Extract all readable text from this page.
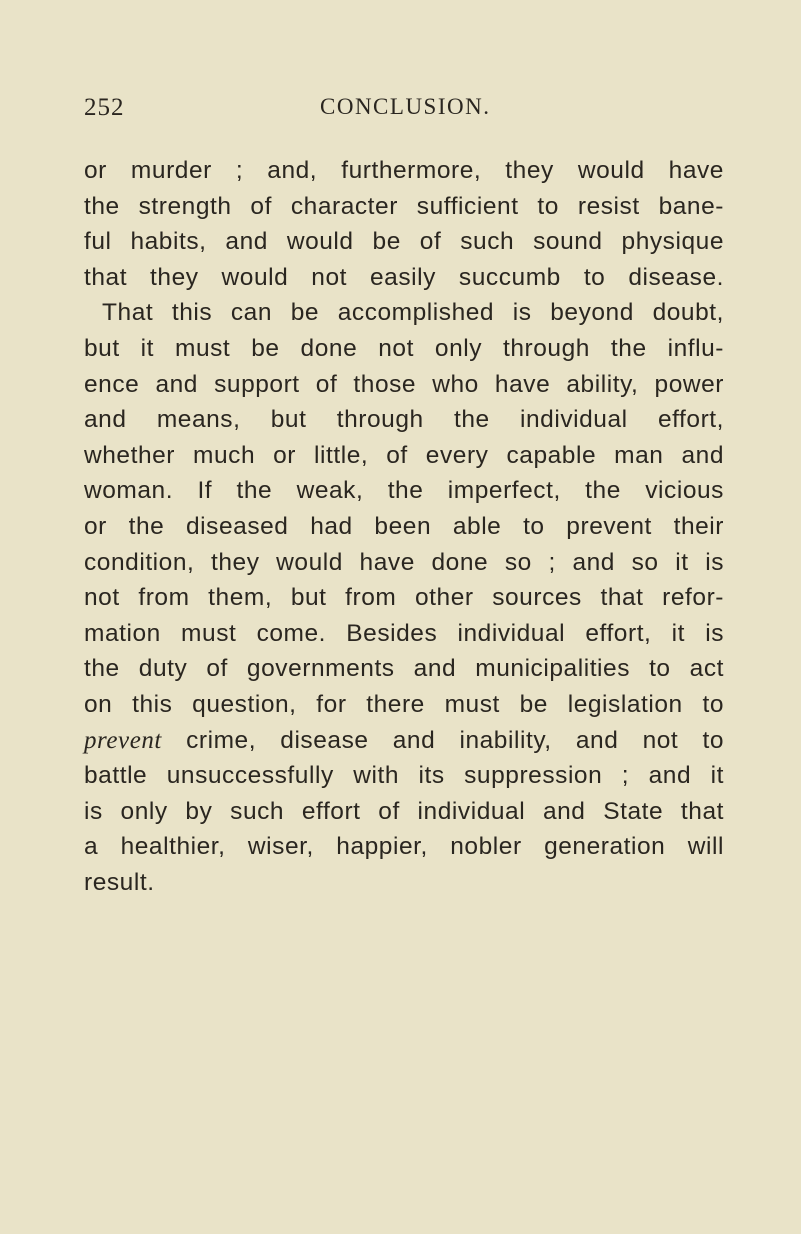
252	CONCLUSION.
or murder ; and, furthermore, they would have
the strength of character sufficient to resist bane-
ful habits, and would be of such sound physique
that they would not easily succumb to disease.
That this can be accomplished is beyond doubt,
but it must be done not only through the influ-
ence and support of those who have ability, power
and means, but through the individual effort,
whether much or little, of every capable man and
woman. If the weak, the imperfect, the vicious
or the diseased had been able to prevent their
condition, they would have done so ; and so it is
not from them, but from other sources that refor-
mation must come. Besides individual effort, it is
the duty of governments and municipalities to act
on this question, for there must be legislation to
prevent crime, disease and inability, and not to
battle unsuccessfully with its suppression ; and it
is only by such effort of individual and State that
a healthier, wiser, happier, nobler generation will
result.
